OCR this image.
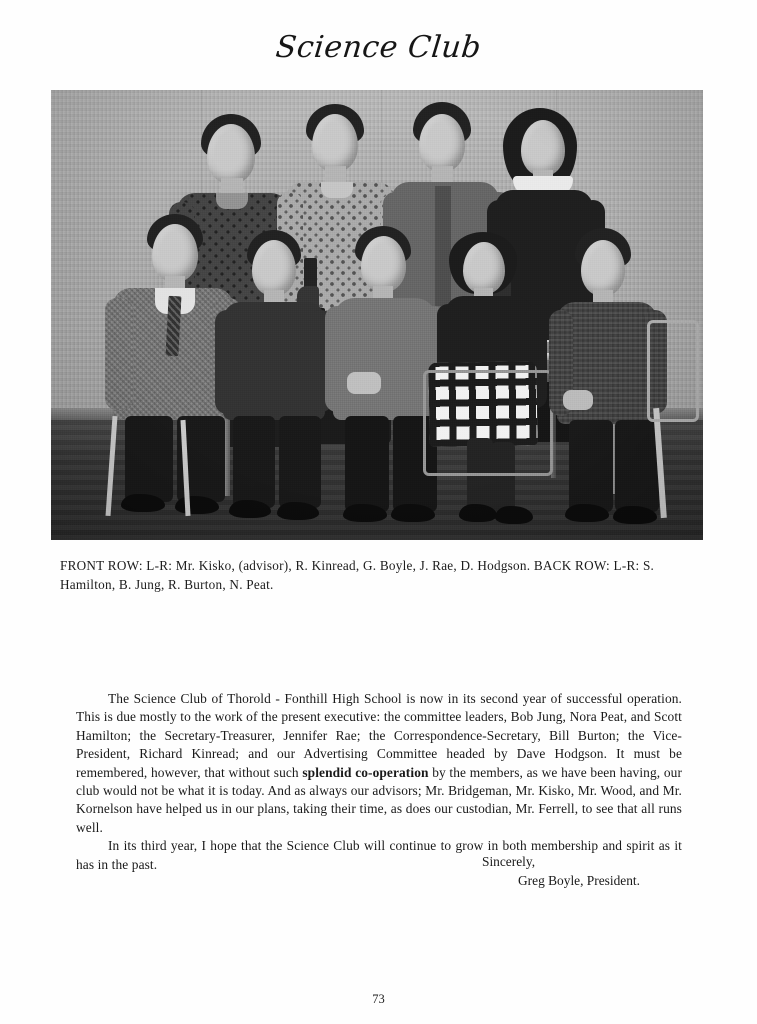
Science Club
FRONT ROW: L-R: Mr. Kisko, (advisor), R. Kinread, G. Boyle, J. Rae, D. Hodgson. BACK ROW: L-R: S. Hamilton, B. Jung, R. Burton, N. Peat.

The Science Club of Thorold - Fonthill High School is now in its second year of successful operation. This is due mostly to the work of the present executive: the committee leaders, Bob Jung, Nora Peat, and Scott Hamilton; the Secretary-Treasurer, Jennifer Rae; the Correspondence-Secretary, Bill Burton; the Vice-President, Richard Kinread; and our Advertising Committee headed by Dave Hodgson. It must be remembered, however, that without such splendid co-operation by the members, as we have been having, our club would not be what it is today. And as always our advisors; Mr. Bridgeman, Mr. Kisko, Mr. Wood, and Mr. Kornelson have helped us in our plans, taking their time, as does our custodian, Mr. Ferrell, to see that all runs well.

In its third year, I hope that the Science Club will continue to grow in both membership and spirit as it has in the past.	Sincerely,
Greg Boyle, President.
73
